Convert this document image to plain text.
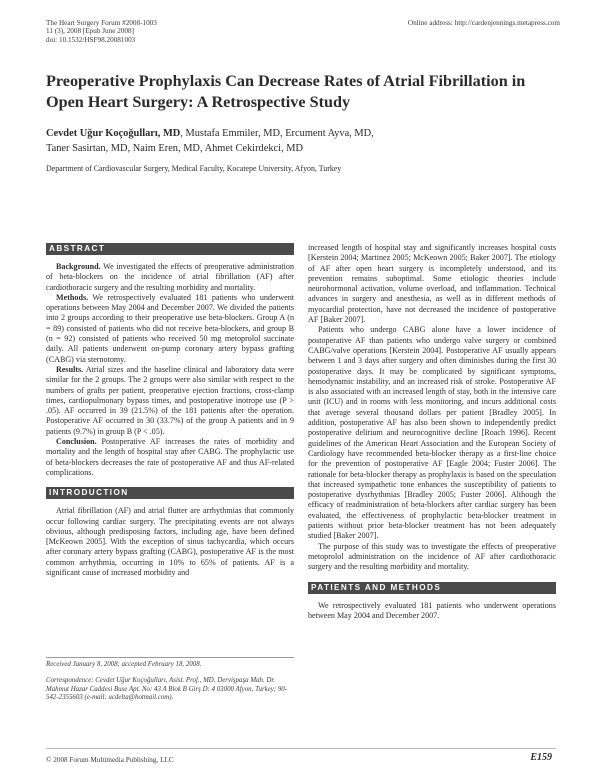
The Heart Surgery Forum #2008-1003
11 (3), 2008 [Epub June 2008]
doi: 10.1532/HSF98.20081003
Online address: http://cardenjennings.metapress.com
Preoperative Prophylaxis Can Decrease Rates of Atrial Fibrillation in Open Heart Surgery: A Retrospective Study
Cevdet Uğur Koçoğulları, MD, Mustafa Emmiler, MD, Ercument Ayva, MD,
Taner Sasirtan, MD, Naim Eren, MD, Ahmet Cekirdekci, MD
Department of Cardiovascular Surgery, Medical Faculty, Kocatepe University, Afyon, Turkey
ABSTRACT

Background. We investigated the effects of preoperative administration of beta-blockers on the incidence of atrial fibrillation (AF) after cardiothoracic surgery and the resulting morbidity and mortality.

Methods. We retrospectively evaluated 181 patients who underwent operations between May 2004 and December 2007. We divided the patients into 2 groups according to their preoperative use beta-blockers. Group A (n = 89) consisted of patients who did not receive beta-blockers, and group B (n = 92) consisted of patients who received 50 mg metoprolol succinate daily. All patients underwent on-pump coronary artery bypass grafting (CABG) via sternotomy.

Results. Atrial sizes and the baseline clinical and laboratory data were similar for the 2 groups. The 2 groups were also similar with respect to the numbers of grafts per patient, preoperative ejection fractions, cross-clamp times, cardiopulmonary bypass times, and postoperative inotrope use (P > .05). AF occurred in 39 (21.5%) of the 181 patients after the operation. Postoperative AF occurred in 30 (33.7%) of the group A patients and in 9 patients (9.7%) in group B (P < .05).

Conclusion. Postoperative AF increases the rates of morbidity and mortality and the length of hospital stay after CABG. The prophylactic use of beta-blockers decreases the rate of postoperative AF and thus AF-related complications.

INTRODUCTION

Atrial fibrillation (AF) and atrial flutter are arrhythmias that commonly occur following cardiac surgery. The precipitating events are not always obvious, although predisposing factors, including age, have been defined [McKeown 2005]. With the exception of sinus tachycardia, which occurs after coronary artery bypass grafting (CABG), postoperative AF is the most common arrhythmia, occurring in 10% to 65% of patients. AF is a significant cause of increased morbidity and

Received January 8, 2008; accepted February 18, 2008.
Correspondence: Cevdet Uğur Koçoğulları, Asist. Prof., MD, Dervişpaşa Mah. Dr. Mahmut Hazar Caddesi Buse Apt. No: 43 A Blok B Girş D: 4 03000 Afyon, Turkey; 90-542-2355603 (e-mail: ucdelta@hotmail.com).

increased length of hospital stay and significantly increases hospital costs [Kerstein 2004; Martinez 2005; McKeown 2005; Baker 2007]. The etiology of AF after open heart surgery is incompletely understood, and its prevention remains suboptimal. Some etiologic theories include neurohormonal activation, volume overload, and inflammation. Technical advances in surgery and anesthesia, as well as in different methods of myocardial protection, have not decreased the incidence of postoperative AF [Baker 2007].

Patients who undergo CABG alone have a lower incidence of postoperative AF than patients who undergo valve surgery or combined CABG/valve operations [Kerstein 2004]. Postoperative AF usually appears between 1 and 3 days after surgery and often diminishes during the first 30 postoperative days. It may be complicated by significant symptoms, hemodynamic instability, and an increased risk of stroke. Postoperative AF is also associated with an increased length of stay, both in the intensive care unit (ICU) and in rooms with less monitoring, and incurs additional costs that average several thousand dollars per patient [Bradley 2005]. In addition, postoperative AF has also been shown to independently predict postoperative delirium and neurocognitive decline [Roach 1996]. Recent guidelines of the American Heart Association and the European Society of Cardiology have recommended beta-blocker therapy as a first-line choice for the prevention of postoperative AF [Eagle 2004; Fuster 2006]. The rationale for beta-blocker therapy as prophylaxis is based on the speculation that increased sympathetic tone enhances the susceptibility of patients to postoperative dysrhythmias [Bradley 2005; Fuster 2006]. Although the efficacy of readministration of beta-blockers after cardiac surgery has been evaluated, the effectiveness of prophylactic beta-blocker treatment in patients without prior beta-blocker treatment has not been adequately studied [Baker 2007].

The purpose of this study was to investigate the effects of preoperative metoprolol administration on the incidence of AF after cardiothoracic surgery and the resulting morbidity and mortality.

PATIENTS AND METHODS

We retrospectively evaluated 181 patients who underwent operations between May 2004 and December 2007.

© 2008 Forum Multimedia Publishing, LLC	E159
